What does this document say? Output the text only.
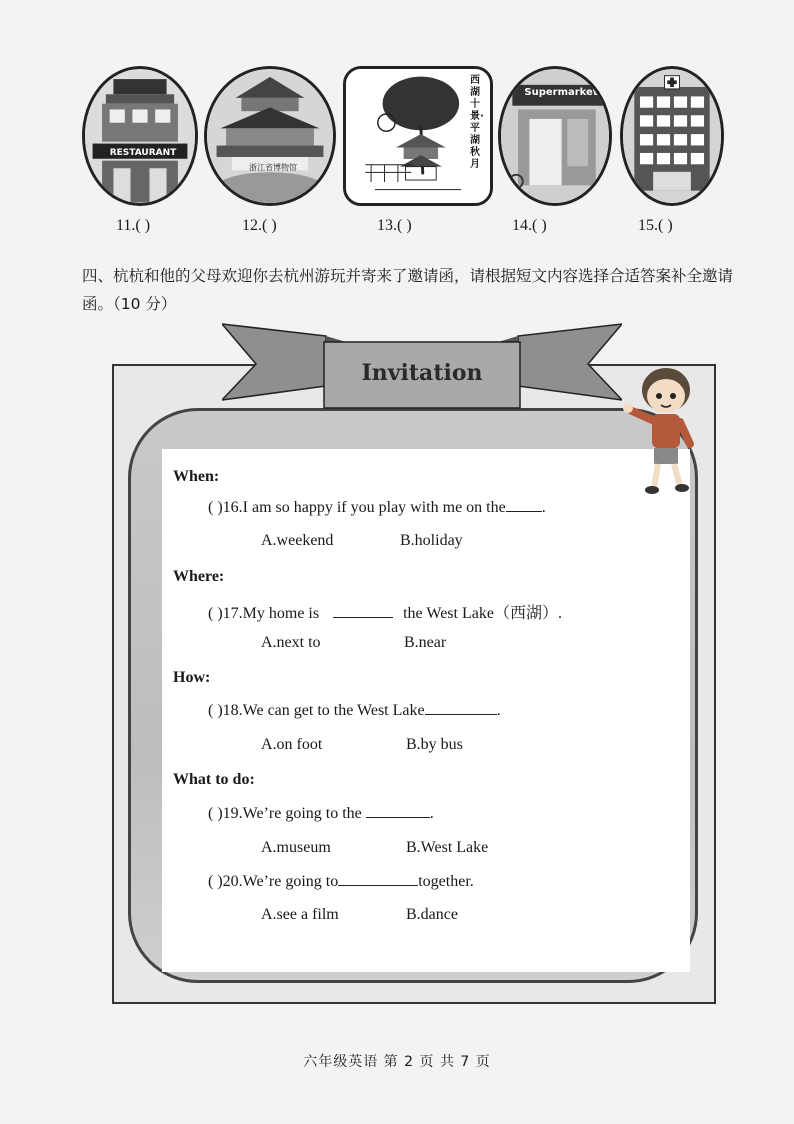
RESTAURANT
浙江省博物馆
西湖十景·平湖秋月
Supermarket
11.( )	12.( )	13.( )	14.( )	15.( )
四、杭杭和他的父母欢迎你去杭州游玩并寄来了邀请函，请根据短文内容选择合适答案补全邀请函。（10 分）
Invitation
When:
( )16.I am so happy if you play with me on the .
A.weekend	B.holiday
Where:
( )17.My home is	the West Lake（西湖）.
A.next to	B.near
How:
( )18.We can get to the West Lake	.
A.on foot	B.by bus
What to do:
( )19.We’re going to the	.
A.museum	B.West Lake
( )20.We’re going to	together.
A.see a film	B.dance
六年级英语 第 2 页 共 7 页
